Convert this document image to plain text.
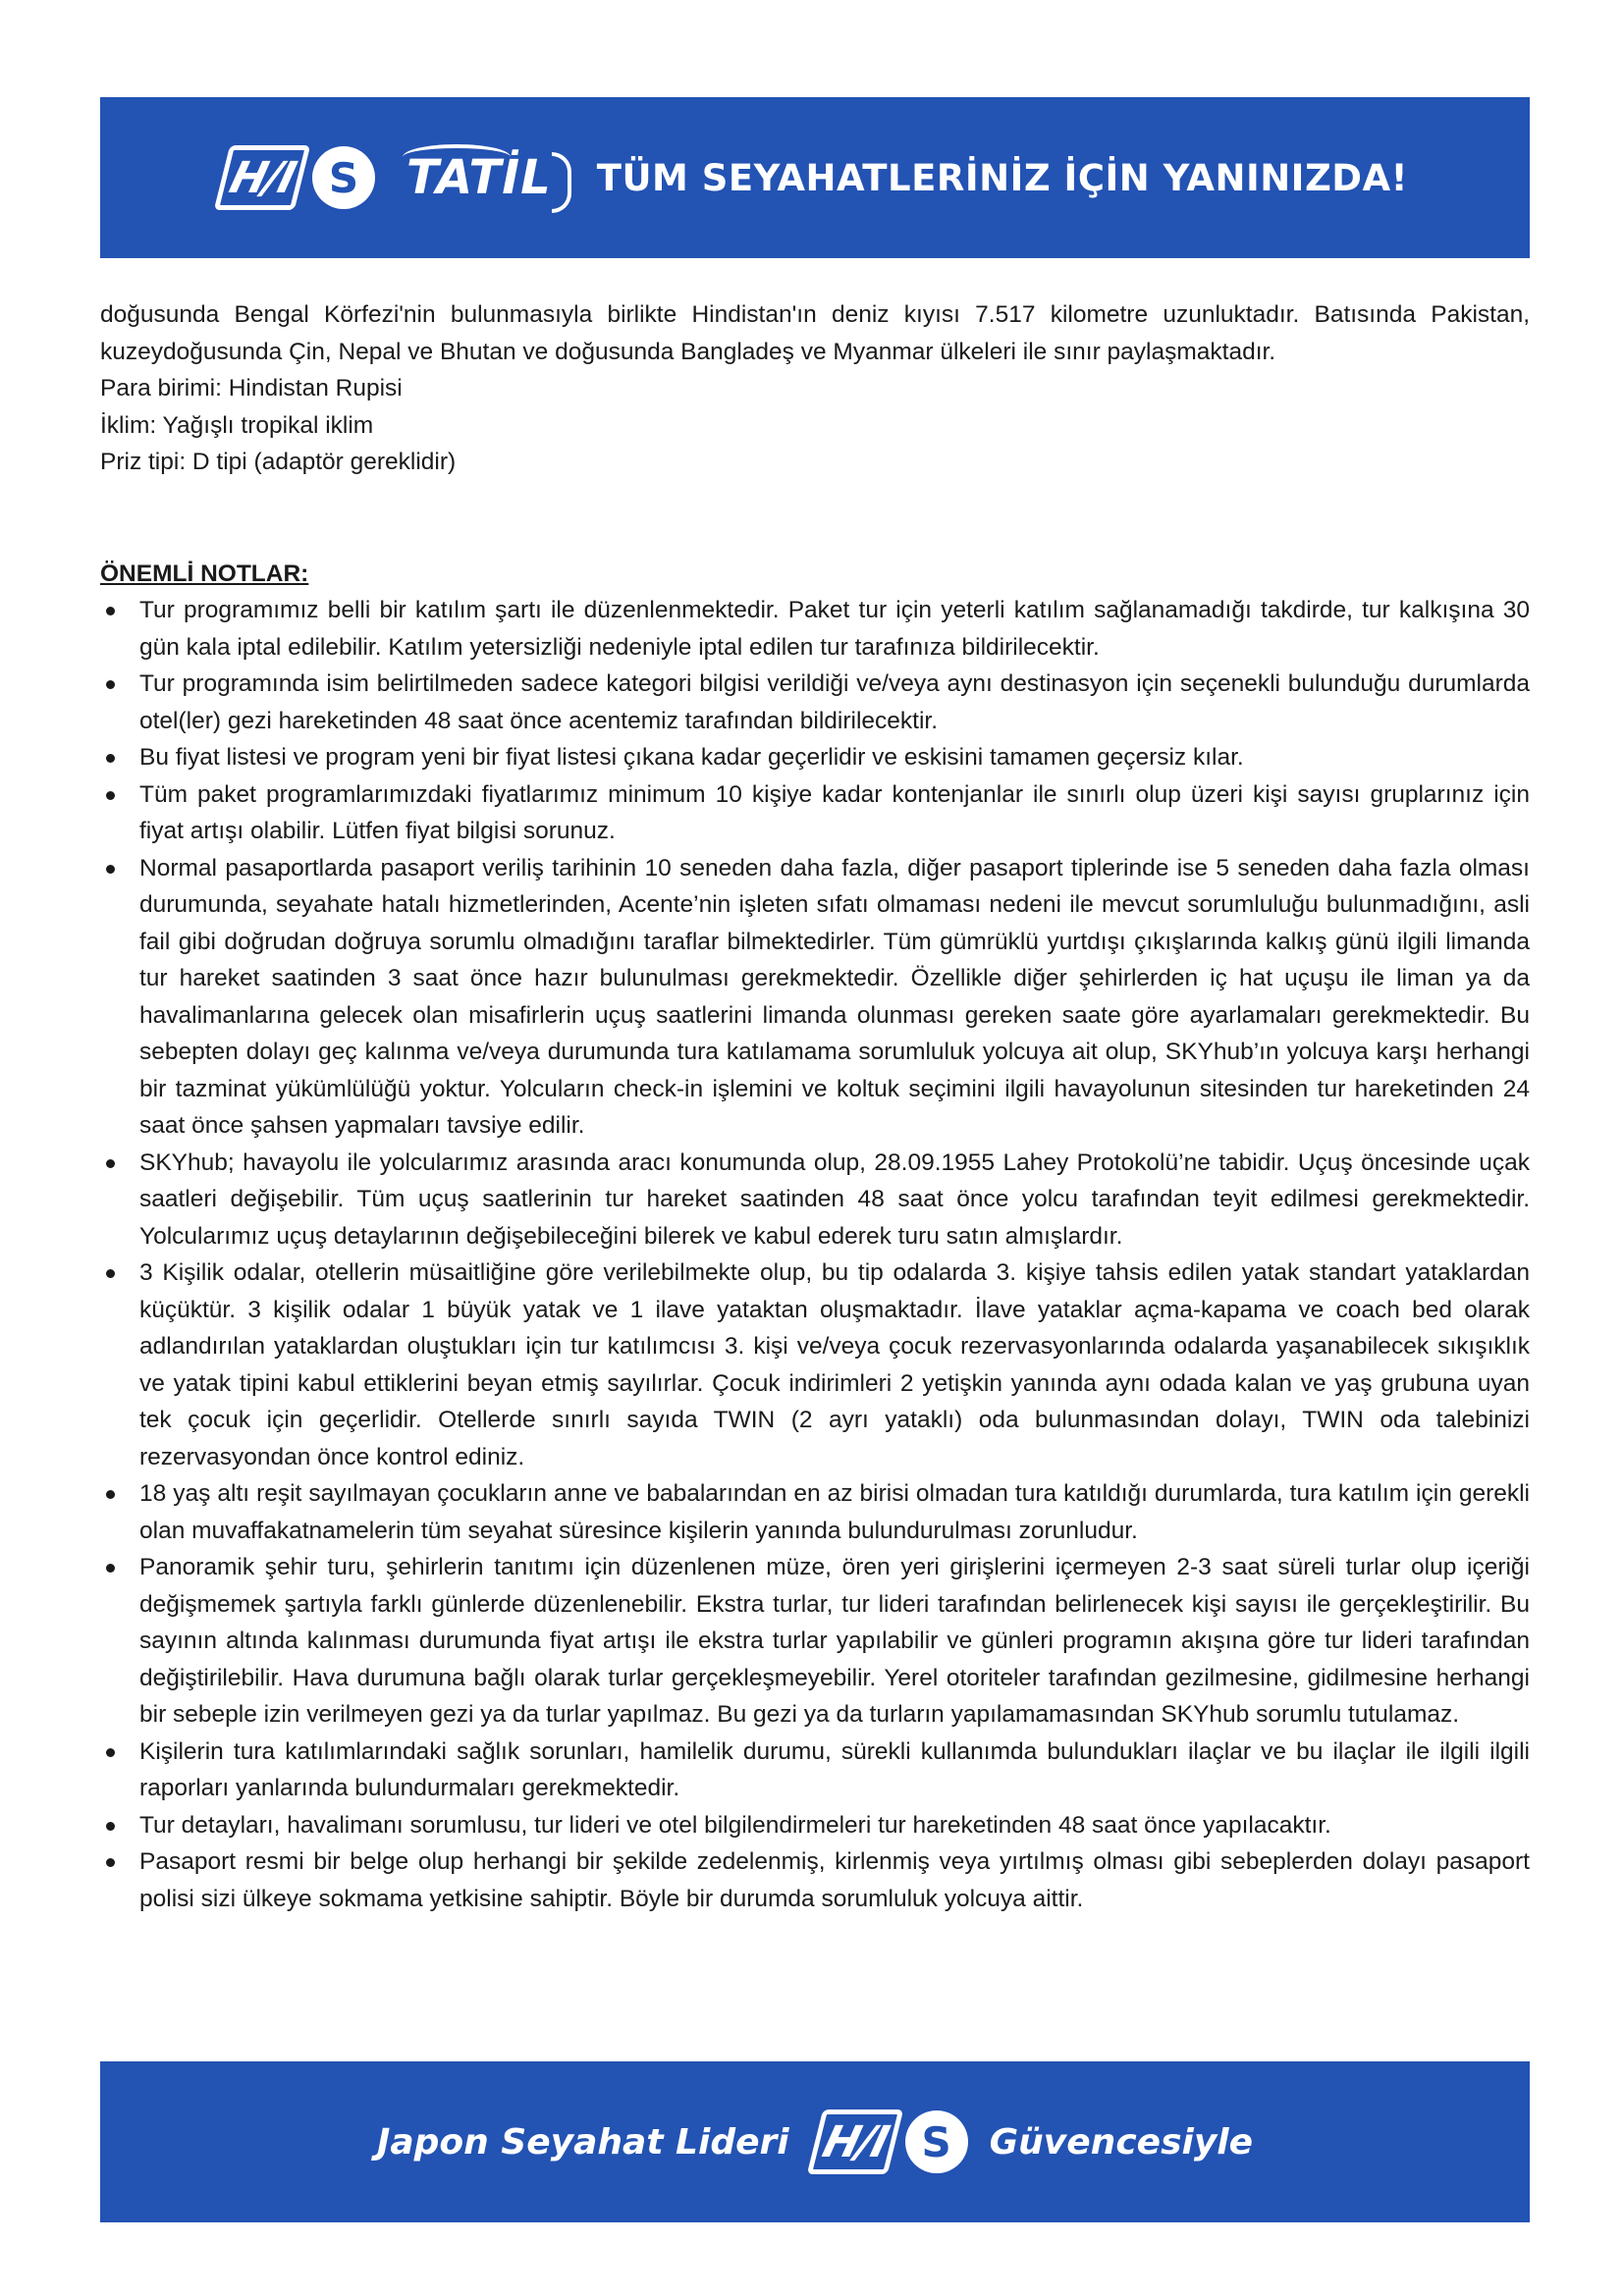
H/I S	TATİL	TÜM SEYAHATLERİNİZ İÇİN YANINIZDA!

doğusunda Bengal Körfezi'nin bulunmasıyla birlikte Hindistan'ın deniz kıyısı 7.517 kilometre uzunluktadır. Batısında Pakistan, kuzeydoğusunda Çin, Nepal ve Bhutan ve doğusunda Bangladeş ve Myanmar ülkeleri ile sınır paylaşmaktadır.

Para birimi: Hindistan Rupisi

İklim: Yağışlı tropikal iklim

Priz tipi: D tipi (adaptör gereklidir)

ÖNEMLİ NOTLAR:

Tur programımız belli bir katılım şartı ile düzenlenmektedir. Paket tur için yeterli katılım sağlanamadığı takdirde, tur kalkışına 30 gün kala iptal edilebilir. Katılım yetersizliği nedeniyle iptal edilen tur tarafınıza bildirilecektir.
Tur programında isim belirtilmeden sadece kategori bilgisi verildiği ve/veya aynı destinasyon için seçenekli bulunduğu durumlarda otel(ler) gezi hareketinden 48 saat önce acentemiz tarafından bildirilecektir.
Bu fiyat listesi ve program yeni bir fiyat listesi çıkana kadar geçerlidir ve eskisini tamamen geçersiz kılar.
Tüm paket programlarımızdaki fiyatlarımız minimum 10 kişiye kadar kontenjanlar ile sınırlı olup üzeri kişi sayısı gruplarınız için fiyat artışı olabilir. Lütfen fiyat bilgisi sorunuz.
Normal pasaportlarda pasaport veriliş tarihinin 10 seneden daha fazla, diğer pasaport tiplerinde ise 5 seneden daha fazla olması durumunda, seyahate hatalı hizmetlerinden, Acente’nin işleten sıfatı olmaması nedeni ile mevcut sorumluluğu bulunmadığını, asli fail gibi doğrudan doğruya sorumlu olmadığını taraflar bilmektedirler. Tüm gümrüklü yurtdışı çıkışlarında kalkış günü ilgili limanda tur hareket saatinden 3 saat önce hazır bulunulması gerekmektedir. Özellikle diğer şehirlerden iç hat uçuşu ile liman ya da havalimanlarına gelecek olan misafirlerin uçuş saatlerini limanda olunması gereken saate göre ayarlamaları gerekmektedir. Bu sebepten dolayı geç kalınma ve/veya durumunda tura katılamama sorumluluk yolcuya ait olup, SKYhub’ın yolcuya karşı herhangi bir tazminat yükümlülüğü yoktur. Yolcuların check-in işlemini ve koltuk seçimini ilgili havayolunun sitesinden tur hareketinden 24 saat önce şahsen yapmaları tavsiye edilir.
SKYhub; havayolu ile yolcularımız arasında aracı konumunda olup, 28.09.1955 Lahey Protokolü’ne tabidir. Uçuş öncesinde uçak saatleri değişebilir. Tüm uçuş saatlerinin tur hareket saatinden 48 saat önce yolcu tarafından teyit edilmesi gerekmektedir. Yolcularımız uçuş detaylarının değişebileceğini bilerek ve kabul ederek turu satın almışlardır.
3 Kişilik odalar, otellerin müsaitliğine göre verilebilmekte olup, bu tip odalarda 3. kişiye tahsis edilen yatak standart yataklardan küçüktür. 3 kişilik odalar 1 büyük yatak ve 1 ilave yataktan oluşmaktadır. İlave yataklar açma-kapama ve coach bed olarak adlandırılan yataklardan oluştukları için tur katılımcısı 3. kişi ve/veya çocuk rezervasyonlarında odalarda yaşanabilecek sıkışıklık ve yatak tipini kabul ettiklerini beyan etmiş sayılırlar. Çocuk indirimleri 2 yetişkin yanında aynı odada kalan ve yaş grubuna uyan tek çocuk için geçerlidir. Otellerde sınırlı sayıda TWIN (2 ayrı yataklı) oda bulunmasından dolayı, TWIN oda talebinizi rezervasyondan önce kontrol ediniz.
18 yaş altı reşit sayılmayan çocukların anne ve babalarından en az birisi olmadan tura katıldığı durumlarda, tura katılım için gerekli olan muvaffakatnamelerin tüm seyahat süresince kişilerin yanında bulundurulması zorunludur.
Panoramik şehir turu, şehirlerin tanıtımı için düzenlenen müze, ören yeri girişlerini içermeyen 2-3 saat süreli turlar olup içeriği değişmemek şartıyla farklı günlerde düzenlenebilir. Ekstra turlar, tur lideri tarafından belirlenecek kişi sayısı ile gerçekleştirilir. Bu sayının altında kalınması durumunda fiyat artışı ile ekstra turlar yapılabilir ve günleri programın akışına göre tur lideri tarafından değiştirilebilir. Hava durumuna bağlı olarak turlar gerçekleşmeyebilir. Yerel otoriteler tarafından gezilmesine, gidilmesine herhangi bir sebeple izin verilmeyen gezi ya da turlar yapılmaz. Bu gezi ya da turların yapılamamasından SKYhub sorumlu tutulamaz.
Kişilerin tura katılımlarındaki sağlık sorunları, hamilelik durumu, sürekli kullanımda bulundukları ilaçlar ve bu ilaçlar ile ilgili ilgili raporları yanlarında bulundurmaları gerekmektedir.
Tur detayları, havalimanı sorumlusu, tur lideri ve otel bilgilendirmeleri tur hareketinden 48 saat önce yapılacaktır.
Pasaport resmi bir belge olup herhangi bir şekilde zedelenmiş, kirlenmiş veya yırtılmış olması gibi sebeplerden dolayı pasaport polisi sizi ülkeye sokmama yetkisine sahiptir. Böyle bir durumda sorumluluk yolcuya aittir.
Japon Seyahat Lideri H/I S	Güvencesiyle
